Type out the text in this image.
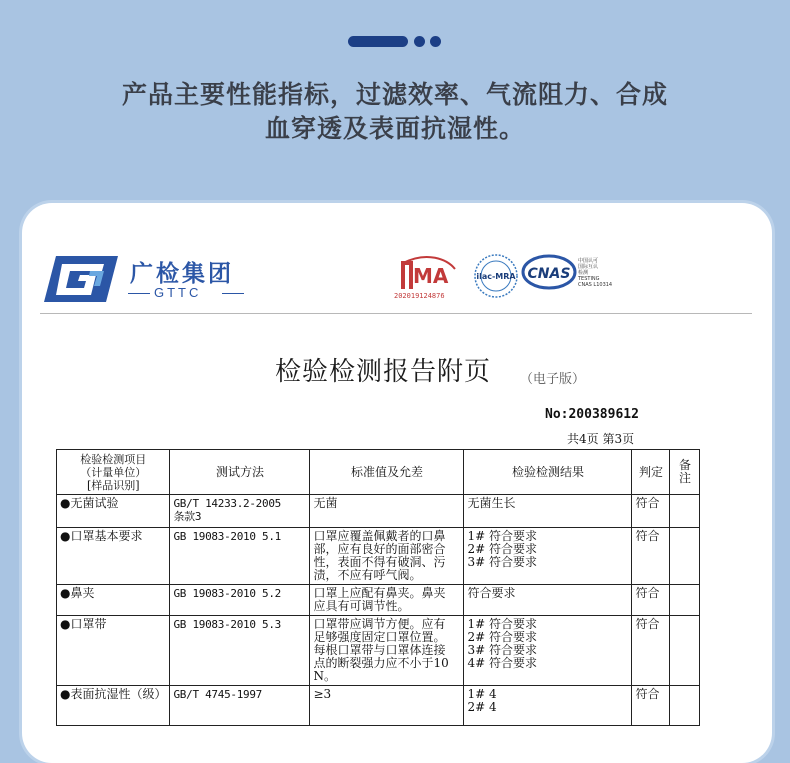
产品主要性能指标，过滤效率、气流阻力、合成
血穿透及表面抗湿性。
广检集团
GTTC
MA
202019124876
ilac-MRA CNAS
中国认可
国际互认
检测
TESTING
CNAS L10314
检验检测报告附页 （电子版）
No:200389612
共4页 第3页
检验检测项目
（计量单位）
[样品识别]	测试方法	标准值及允差	检验检测结果	判定	备注

●无菌试验	GB/T 14233.2-2005
条款3	无菌	无菌生长	符合	

●口罩基本要求	GB 19083-2010 5.1	口罩应覆盖佩戴者的口鼻
部，应有良好的面部密合
性，表面不得有破洞、污
渍，不应有呼气阀。	1# 符合要求
2# 符合要求
3# 符合要求	符合	

●鼻夹	GB 19083-2010 5.2	口罩上应配有鼻夹。鼻夹
应具有可调节性。	符合要求	符合	

●口罩带	GB 19083-2010 5.3	口罩带应调节方便。应有
足够强度固定口罩位置。
每根口罩带与口罩体连接
点的断裂强力应不小于10
N。	1# 符合要求
2# 符合要求
3# 符合要求
4# 符合要求	符合	

●表面抗湿性（级）	GB/T 4745-1997	≥3	1# 4
2# 4	符合	
